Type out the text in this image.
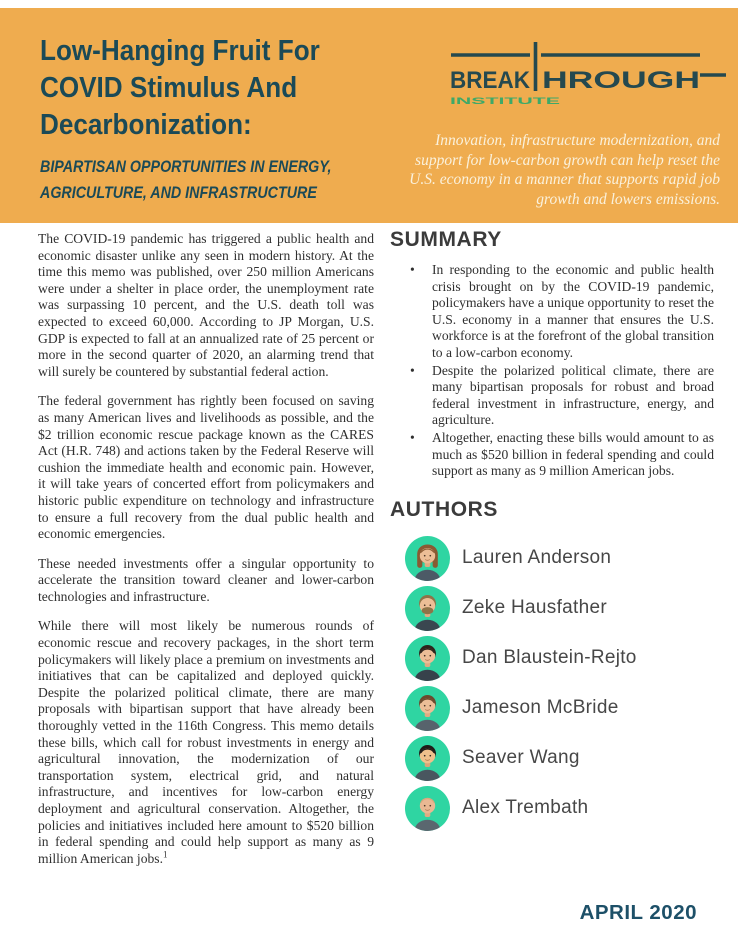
Low-Hanging Fruit For
COVID Stimulus And
Decarbonization:
BIPARTISAN OPPORTUNITIES IN ENERGY,
AGRICULTURE, AND INFRASTRUCTURE
BREAK HROUGH
INSTITUTE
Innovation, infrastructure modernization, and support for low-carbon growth can help reset the U.S. economy in a manner that supports rapid job growth and lowers emissions.

The COVID-19 pandemic has triggered a public health and economic disaster unlike any seen in modern history. At the time this memo was published, over 250 million Americans were under a shelter in place order, the unemployment rate was surpassing 10 percent, and the U.S. death toll was expected to exceed 60,000. According to JP Morgan, U.S. GDP is expected to fall at an annualized rate of 25 percent or more in the second quarter of 2020, an alarming trend that will surely be countered by substantial federal action.

The federal government has rightly been focused on saving as many American lives and livelihoods as possible, and the $2 trillion economic rescue package known as the CARES Act (H.R. 748) and actions taken by the Federal Reserve will cushion the immediate health and economic pain. However, it will take years of concerted effort from policymakers and historic public expenditure on technology and infrastructure to ensure a full recovery from the dual public health and economic emergencies.

These needed investments offer a singular opportunity to accelerate the transition toward cleaner and lower-carbon technologies and infrastructure.

While there will most likely be numerous rounds of economic rescue and recovery packages, in the short term policymakers will likely place a premium on investments and initiatives that can be capitalized and deployed quickly. Despite the polarized political climate, there are many proposals with bipartisan support that have already been thoroughly vetted in the 116th Congress. This memo details these bills, which call for robust investments in energy and agricultural innovation, the modernization of our transportation system, electrical grid, and natural infrastructure, and incentives for low-carbon energy deployment and agricultural conservation. Altogether, the policies and initiatives included here amount to $520 billion in federal spending and could help support as many as 9 million American jobs.$^1$

SUMMARY
• In responding to the economic and public health crisis brought on by the COVID-19 pandemic, policymakers have a unique opportunity to reset the U.S. economy in a manner that ensures the U.S. workforce is at the forefront of the global transition to a low-carbon economy.
• Despite the polarized political climate, there are many bipartisan proposals for robust and broad federal investment in infrastructure, energy, and agriculture.
• Altogether, enacting these bills would amount to as much as $520 billion in federal spending and could support as many as 9 million American jobs.
AUTHORS
Lauren Anderson
Zeke Hausfather
Dan Blaustein-Rejto
Jameson McBride
Seaver Wang
Alex Trembath
APRIL 2020
